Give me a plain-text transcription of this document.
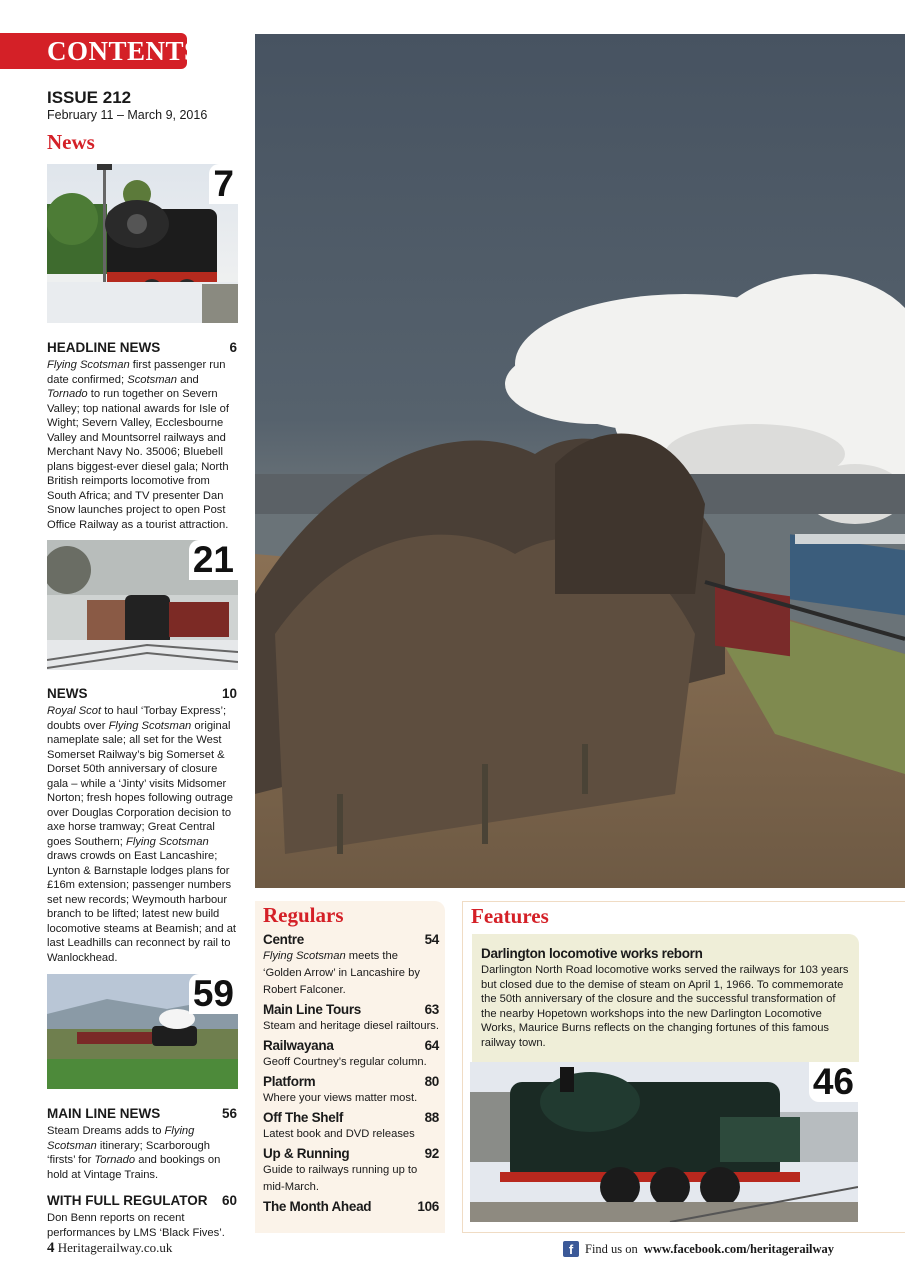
CONTENTS
ISSUE 212
February 11 – March 9, 2016
News
7
HEADLINE NEWS	6
Flying Scotsman first passenger run date confirmed; Scotsman and Tornado to run together on Severn Valley; top national awards for Isle of Wight; Severn Valley, Ecclesbourne Valley and Mountsorrel railways and Merchant Navy No. 35006; Bluebell plans biggest-ever diesel gala; North British reimports locomotive from South Africa; and TV presenter Dan Snow launches project to open Post Office Railway as a tourist attraction.
21
NEWS	10
Royal Scot to haul ‘Torbay Express’; doubts over Flying Scotsman original nameplate sale; all set for the West Somerset Railway’s big Somerset & Dorset 50th anniversary of closure gala – while a ‘Jinty’ visits Midsomer Norton; fresh hopes following outrage over Douglas Corporation decision to axe horse tramway; Great Central goes Southern; Flying Scotsman draws crowds on East Lancashire; Lynton & Barnstaple lodges plans for £16m extension; passenger numbers set new records; Weymouth harbour branch to be lifted; latest new build locomotive steams at Beamish; and at last Leadhills can reconnect by rail to Wanlockhead.
59
MAIN LINE NEWS	56
Steam Dreams adds to Flying Scotsman itinerary; Scarborough ‘firsts’ for Tornado and bookings on hold at Vintage Trains.
WITH FULL REGULATOR 60
Don Benn reports on recent performances by LMS ‘Black Fives’.
Regulars
Centre	54
Flying Scotsman meets the ‘Golden Arrow’ in Lancashire by Robert Falconer.
Main Line Tours	63
Steam and heritage diesel railtours.
Railwayana	64
Geoff Courtney’s regular column.
Platform	80
Where your views matter most.
Off The Shelf	88
Latest book and DVD releases
Up & Running	92
Guide to railways running up to mid-March.
The Month Ahead	106
Features
Darlington locomotive works reborn
Darlington North Road locomotive works served the railways for 103 years but closed due to the demise of steam on April 1, 1966. To commemorate the 50th anniversary of the closure and the successful transformation of the nearby Hopetown workshops into the new Darlington Locomotive Works, Maurice Burns reflects on the changing fortunes of this famous railway town.
46
4 Heritagerailway.co.uk	f Find us on www.facebook.com/heritagerailway
